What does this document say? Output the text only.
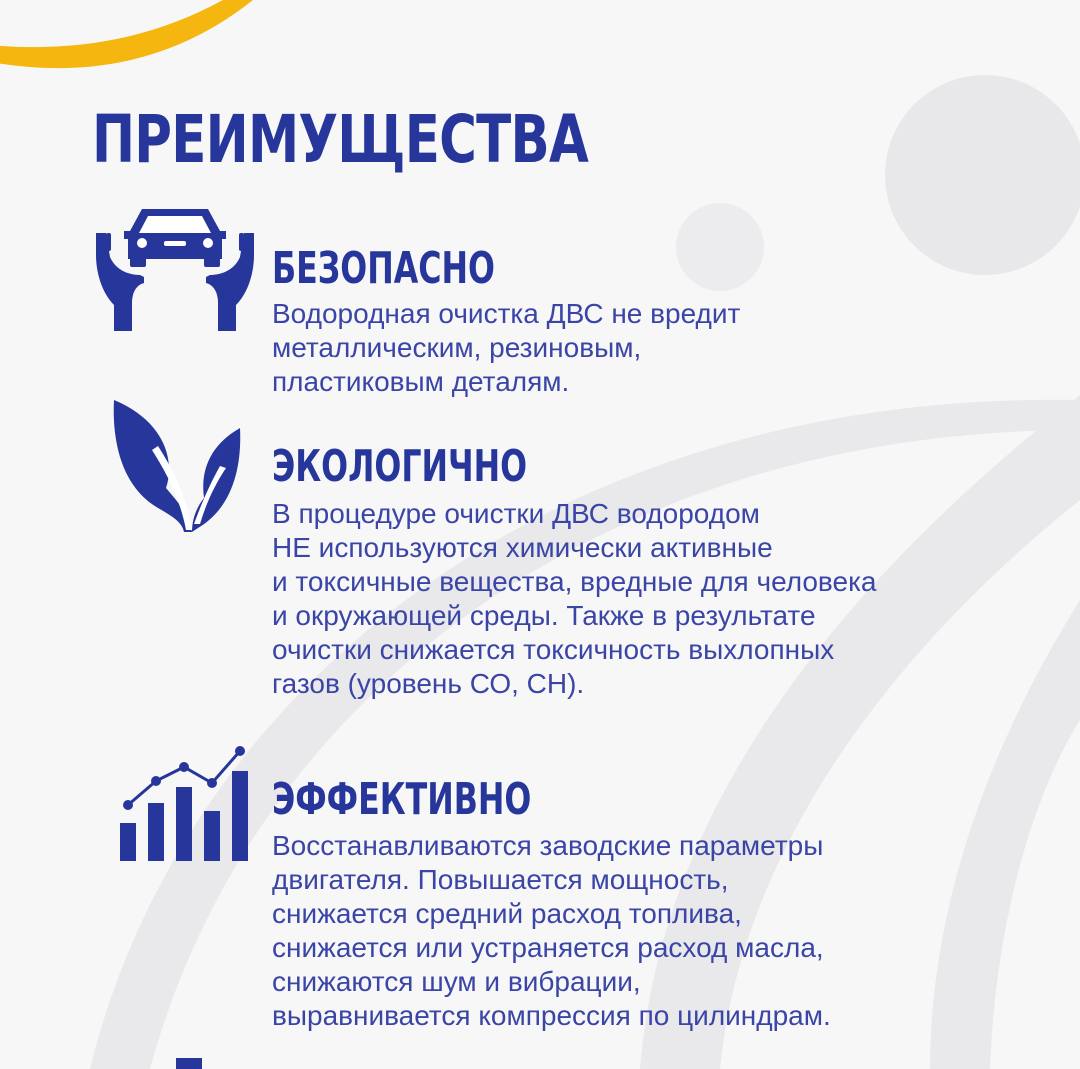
ПРЕИМУЩЕСТВА
БЕЗОПАСНО

Водородная очистка ДВС не вредит
металлическим, резиновым,
пластиковым деталям.

ЭКОЛОГИЧНО

В процедуре очистки ДВС водородом
НЕ используются химически активные
и токсичные вещества, вредные для человека
и окружающей среды. Также в результате
очистки снижается токсичность выхлопных
газов (уровень СО, СН).

ЭФФЕКТИВНО

Восстанавливаются заводские параметры
двигателя. Повышается мощность,
снижается средний расход топлива,
снижается или устраняется расход масла,
снижаются шум и вибрации,
выравнивается компрессия по цилиндрам.
